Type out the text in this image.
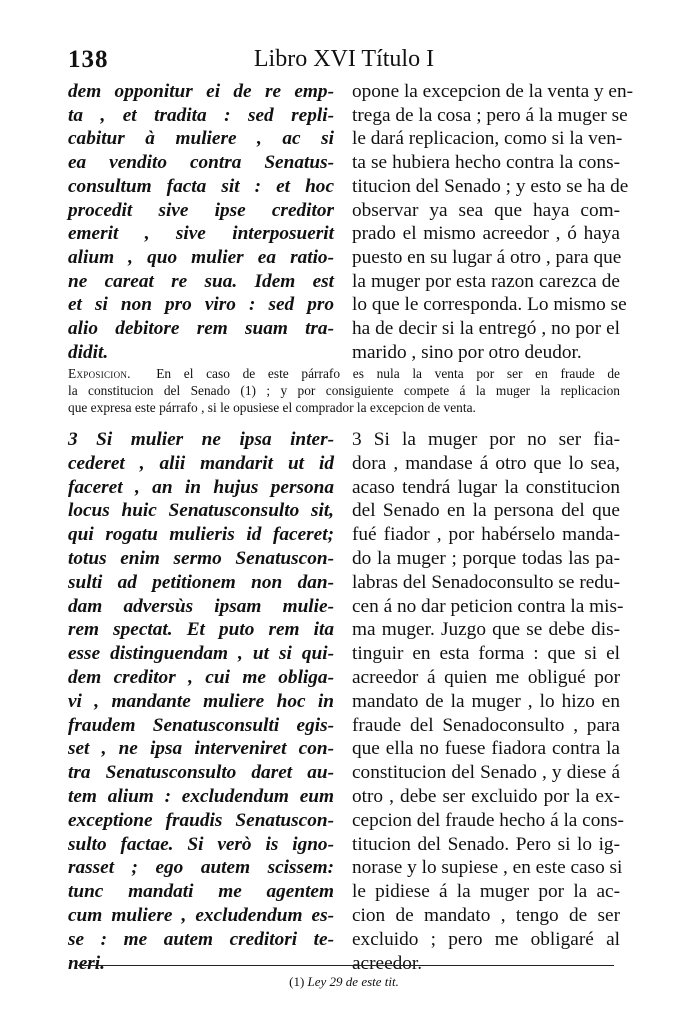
138	Libro XVI Título I
dem opponitur ei de re emp-
ta , et tradita : sed repli-
cabitur à muliere , ac si
ea vendito contra Senatus-
consultum facta sit : et hoc
procedit sive ipse creditor
emerit , sive interposuerit
alium , quo mulier ea ratio-
ne careat re sua. Idem est
et si non pro viro : sed pro
alio debitore rem suam tra-
didit.
opone la excepcion de la venta y en-
trega de la cosa ; pero á la muger se
le dará replicacion, como si la ven-
ta se hubiera hecho contra la cons-
titucion del Senado ; y esto se ha de
observar ya sea que haya com-
prado el mismo acreedor , ó haya
puesto en su lugar á otro , para que
la muger por esta razon carezca de
lo que le corresponda. Lo mismo se
ha de decir si la entregó , no por el
marido , sino por otro deudor.
Exposicion. En el caso de este párrafo es nula la venta por ser en fraude de
la constitucion del Senado (1) ; y por consiguiente compete á la muger la replicacion
que expresa este párrafo , si le opusiese el comprador la excepcion de venta.
3 Si mulier ne ipsa inter-
cederet , alii mandarit ut id
faceret , an in hujus persona
locus huic Senatusconsulto sit,
qui rogatu mulieris id faceret;
totus enim sermo Senatuscon-
sulti ad petitionem non dan-
dam adversùs ipsam mulie-
rem spectat. Et puto rem ita
esse distinguendam , ut si qui-
dem creditor , cui me obliga-
vi , mandante muliere hoc in
fraudem Senatusconsulti egis-
set , ne ipsa interveniret con-
tra Senatusconsulto daret au-
tem alium : excludendum eum
exceptione fraudis Senatuscon-
sulto factae. Si verò is igno-
rasset ; ego autem scissem:
tunc mandati me agentem
cum muliere , excludendum es-
se : me autem creditori te-
neri.
3 Si la muger por no ser fia-
dora , mandase á otro que lo sea,
acaso tendrá lugar la constitucion
del Senado en la persona del que
fué fiador , por habérselo manda-
do la muger ; porque todas las pa-
labras del Senadoconsulto se redu-
cen á no dar peticion contra la mis-
ma muger. Juzgo que se debe dis-
tinguir en esta forma : que si el
acreedor á quien me obligué por
mandato de la muger , lo hizo en
fraude del Senadoconsulto , para
que ella no fuese fiadora contra la
constitucion del Senado , y diese á
otro , debe ser excluido por la ex-
cepcion del fraude hecho á la cons-
titucion del Senado. Pero si lo ig-
norase y lo supiese , en este caso si
le pidiese á la muger por la ac-
cion de mandato , tengo de ser
excluido ; pero me obligaré al
acreedor.
(1) Ley 29 de este tit.
